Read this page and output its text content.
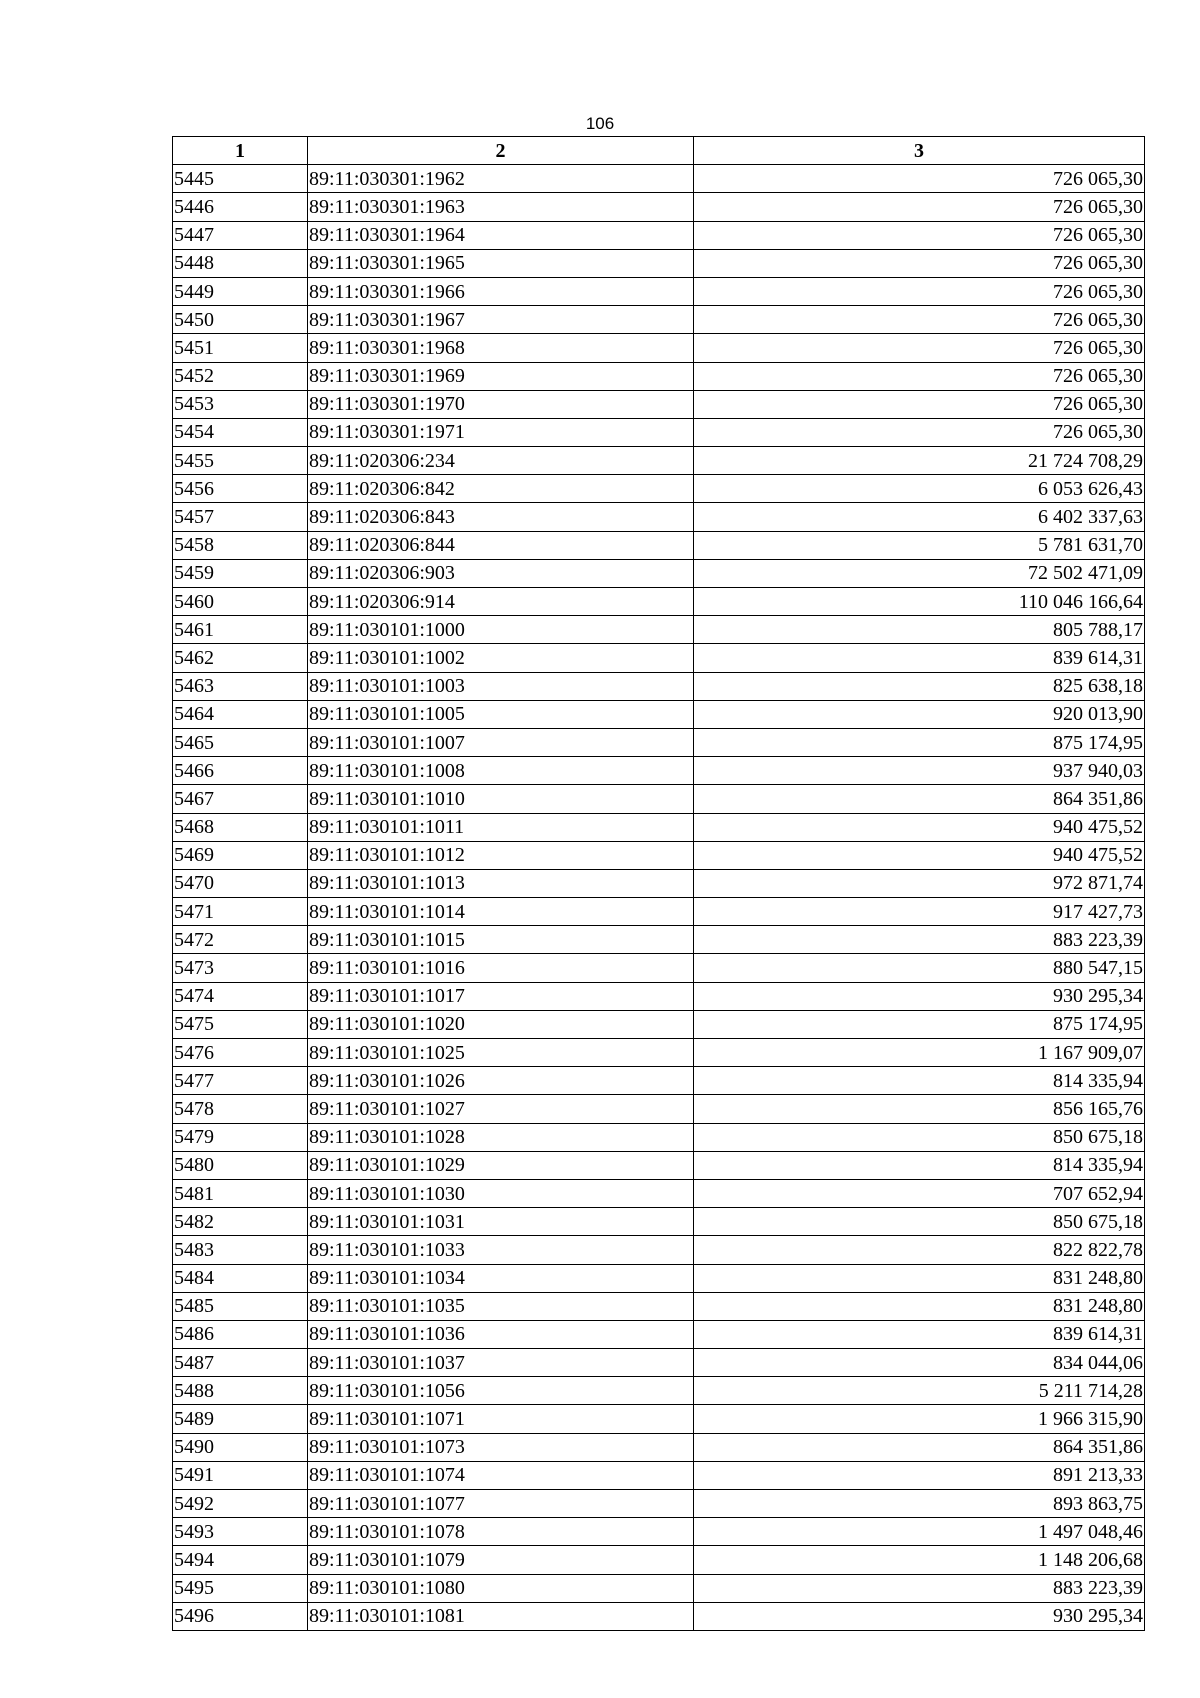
106
1	2	3
5445	89:11:030301:1962	726 065,30
5446	89:11:030301:1963	726 065,30
5447	89:11:030301:1964	726 065,30
5448	89:11:030301:1965	726 065,30
5449	89:11:030301:1966	726 065,30
5450	89:11:030301:1967	726 065,30
5451	89:11:030301:1968	726 065,30
5452	89:11:030301:1969	726 065,30
5453	89:11:030301:1970	726 065,30
5454	89:11:030301:1971	726 065,30
5455	89:11:020306:234	21 724 708,29
5456	89:11:020306:842	6 053 626,43
5457	89:11:020306:843	6 402 337,63
5458	89:11:020306:844	5 781 631,70
5459	89:11:020306:903	72 502 471,09
5460	89:11:020306:914	110 046 166,64
5461	89:11:030101:1000	805 788,17
5462	89:11:030101:1002	839 614,31
5463	89:11:030101:1003	825 638,18
5464	89:11:030101:1005	920 013,90
5465	89:11:030101:1007	875 174,95
5466	89:11:030101:1008	937 940,03
5467	89:11:030101:1010	864 351,86
5468	89:11:030101:1011	940 475,52
5469	89:11:030101:1012	940 475,52
5470	89:11:030101:1013	972 871,74
5471	89:11:030101:1014	917 427,73
5472	89:11:030101:1015	883 223,39
5473	89:11:030101:1016	880 547,15
5474	89:11:030101:1017	930 295,34
5475	89:11:030101:1020	875 174,95
5476	89:11:030101:1025	1 167 909,07
5477	89:11:030101:1026	814 335,94
5478	89:11:030101:1027	856 165,76
5479	89:11:030101:1028	850 675,18
5480	89:11:030101:1029	814 335,94
5481	89:11:030101:1030	707 652,94
5482	89:11:030101:1031	850 675,18
5483	89:11:030101:1033	822 822,78
5484	89:11:030101:1034	831 248,80
5485	89:11:030101:1035	831 248,80
5486	89:11:030101:1036	839 614,31
5487	89:11:030101:1037	834 044,06
5488	89:11:030101:1056	5 211 714,28
5489	89:11:030101:1071	1 966 315,90
5490	89:11:030101:1073	864 351,86
5491	89:11:030101:1074	891 213,33
5492	89:11:030101:1077	893 863,75
5493	89:11:030101:1078	1 497 048,46
5494	89:11:030101:1079	1 148 206,68
5495	89:11:030101:1080	883 223,39
5496	89:11:030101:1081	930 295,34
